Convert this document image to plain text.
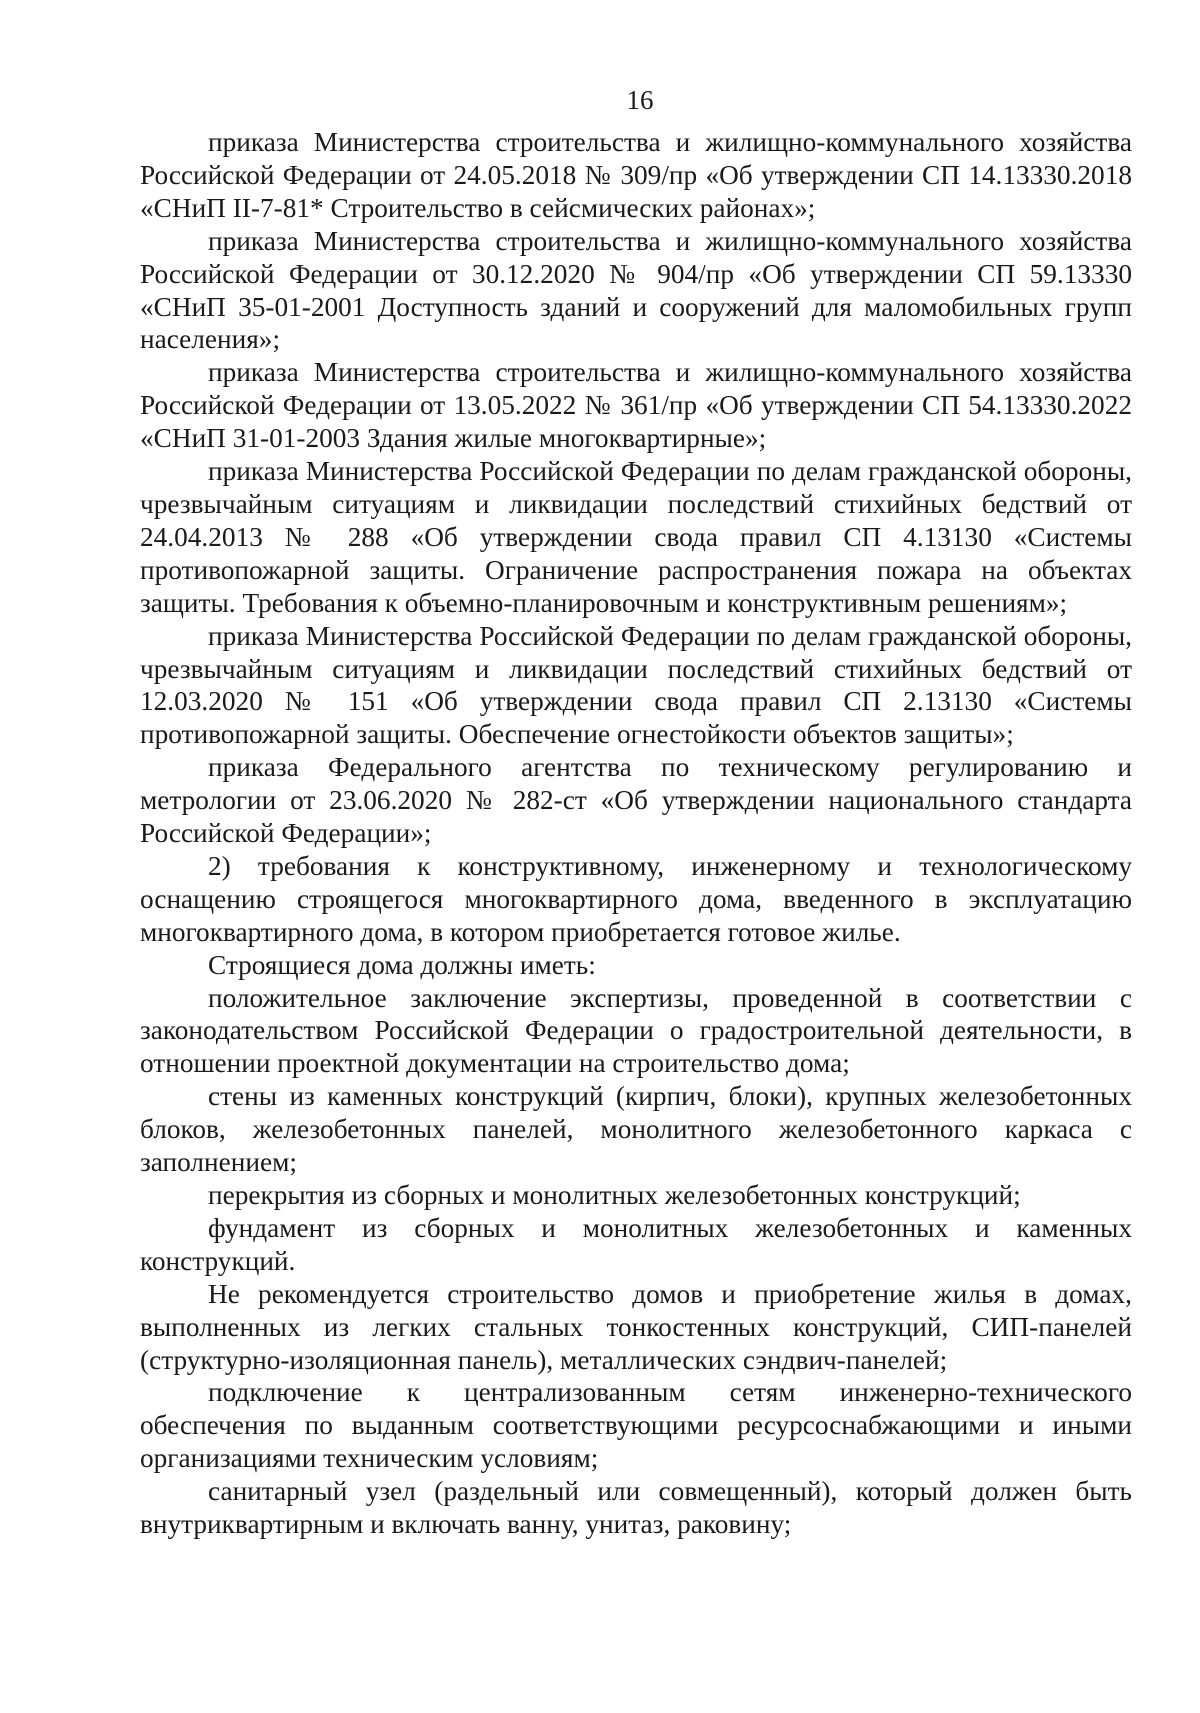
16

приказа Министерства строительства и жилищно-коммунального хозяйства Российской Федерации от 24.05.2018 № 309/пр «Об утверждении СП 14.13330.2018 «СНиП II-7-81* Строительство в сейсмических районах»;

приказа Министерства строительства и жилищно-коммунального хозяйства Российской Федерации от 30.12.2020 № 904/пр «Об утверждении СП 59.13330 «СНиП 35-01-2001 Доступность зданий и сооружений для маломобильных групп населения»;

приказа Министерства строительства и жилищно-коммунального хозяйства Российской Федерации от 13.05.2022 № 361/пр «Об утверждении СП 54.13330.2022 «СНиП 31-01-2003 Здания жилые многоквартирные»;

приказа Министерства Российской Федерации по делам гражданской обороны, чрезвычайным ситуациям и ликвидации последствий стихийных бедствий от 24.04.2013 № 288 «Об утверждении свода правил СП 4.13130 «Системы противопожарной защиты. Ограничение распространения пожара на объектах защиты. Требования к объемно-планировочным и конструктивным решениям»;

приказа Министерства Российской Федерации по делам гражданской обороны, чрезвычайным ситуациям и ликвидации последствий стихийных бедствий от 12.03.2020 № 151 «Об утверждении свода правил СП 2.13130 «Системы противопожарной защиты. Обеспечение огнестойкости объектов защиты»;

приказа Федерального агентства по техническому регулированию и метрологии от 23.06.2020 № 282-ст «Об утверждении национального стандарта Российской Федерации»;

2) требования к конструктивному, инженерному и технологическому оснащению строящегося многоквартирного дома, введенного в эксплуатацию многоквартирного дома, в котором приобретается готовое жилье.

Строящиеся дома должны иметь:

положительное заключение экспертизы, проведенной в соответствии с законодательством Российской Федерации о градостроительной деятельности, в отношении проектной документации на строительство дома;

стены из каменных конструкций (кирпич, блоки), крупных железобетонных блоков, железобетонных панелей, монолитного железобетонного каркаса с заполнением;

перекрытия из сборных и монолитных железобетонных конструкций;

фундамент из сборных и монолитных железобетонных и каменных конструкций.

Не рекомендуется строительство домов и приобретение жилья в домах, выполненных из легких стальных тонкостенных конструкций, СИП-панелей (структурно-изоляционная панель), металлических сэндвич-панелей;

подключение к централизованным сетям инженерно-технического обеспечения по выданным соответствующими ресурсоснабжающими и иными организациями техническим условиям;

санитарный узел (раздельный или совмещенный), который должен быть внутриквартирным и включать ванну, унитаз, раковину;
